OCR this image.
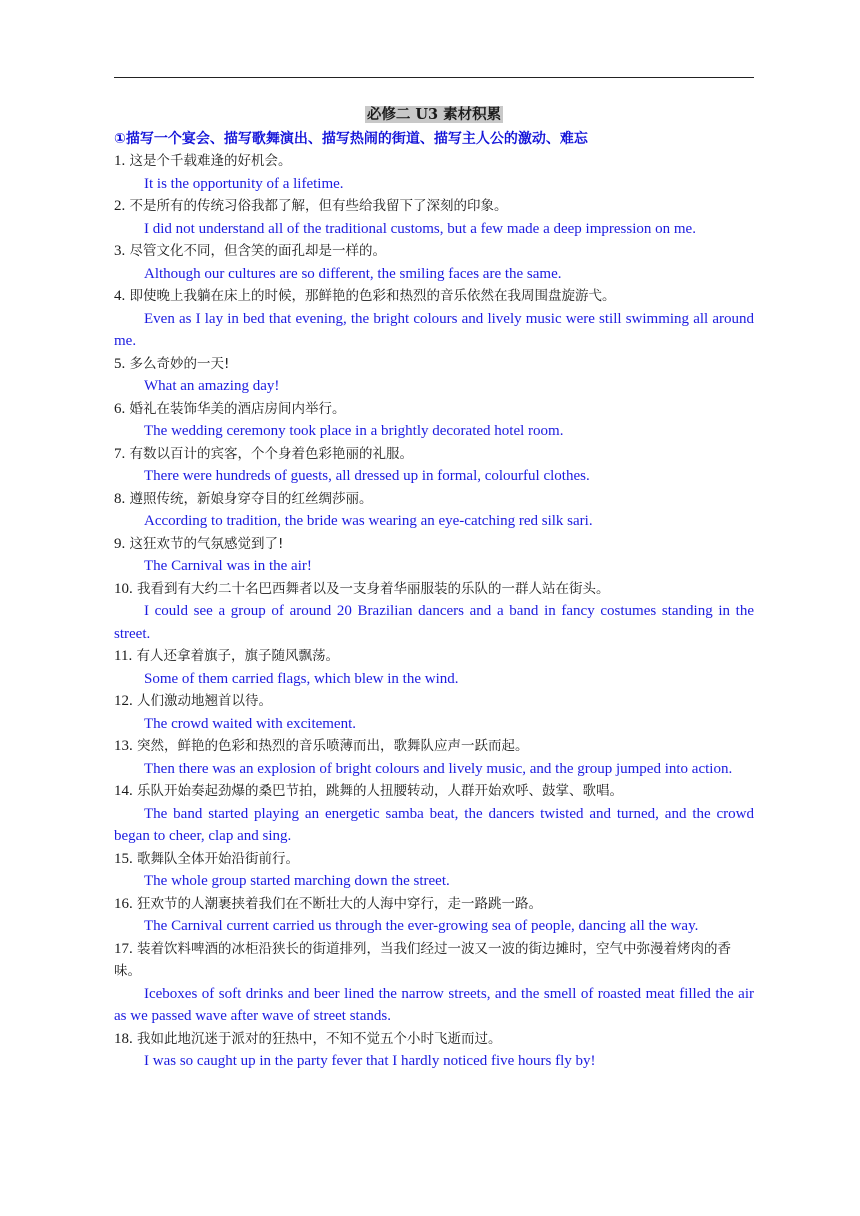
必修二 U3 素材积累
①描写一个宴会、描写歌舞演出、描写热闹的街道、描写主人公的激动、难忘
1. 这是个千载难逢的好机会。
It is the opportunity of a lifetime.
2. 不是所有的传统习俗我都了解，但有些给我留下了深刻的印象。
I did not understand all of the traditional customs, but a few made a deep impression on me.
3. 尽管文化不同，但含笑的面孔却是一样的。
Although our cultures are so different, the smiling faces are the same.
4. 即使晚上我躺在床上的时候，那鲜艳的色彩和热烈的音乐依然在我周围盘旋游弋。
Even as I lay in bed that evening, the bright colours and lively music were still swimming all around me.
5. 多么奇妙的一天!
What an amazing day!
6. 婚礼在装饰华美的酒店房间内举行。
The wedding ceremony took place in a brightly decorated hotel room.
7. 有数以百计的宾客，个个身着色彩艳丽的礼服。
There were hundreds of guests, all dressed up in formal, colourful clothes.
8. 遵照传统，新娘身穿夺目的红丝绸莎丽。
According to tradition, the bride was wearing an eye-catching red silk sari.
9. 这狂欢节的气氛感觉到了!
The Carnival was in the air!
10. 我看到有大约二十名巴西舞者以及一支身着华丽服装的乐队的一群人站在街头。
I could see a group of around 20 Brazilian dancers and a band in fancy costumes standing in the street.
11. 有人还拿着旗子，旗子随风飘荡。
Some of them carried flags, which blew in the wind.
12. 人们激动地翘首以待。
The crowd waited with excitement.
13. 突然，鲜艳的色彩和热烈的音乐喷薄而出，歌舞队应声一跃而起。
Then there was an explosion of bright colours and lively music, and the group jumped into action.
14. 乐队开始奏起劲爆的桑巴节拍，跳舞的人扭腰转动，人群开始欢呼、鼓掌、歌唱。
The band started playing an energetic samba beat, the dancers twisted and turned, and the crowd began to cheer, clap and sing.
15. 歌舞队全体开始沿街前行。
The whole group started marching down the street.
16. 狂欢节的人潮裹挟着我们在不断壮大的人海中穿行，走一路跳一路。
The Carnival current carried us through the ever-growing sea of people, dancing all the way.
17. 装着饮料啤酒的冰柜沿狭长的街道排列，当我们经过一波又一波的街边摊时，空气中弥漫着烤肉的香味。
Iceboxes of soft drinks and beer lined the narrow streets, and the smell of roasted meat filled the air as we passed wave after wave of street stands.
18. 我如此地沉迷于派对的狂热中，不知不觉五个小时飞逝而过。
I was so caught up in the party fever that I hardly noticed five hours fly by!
